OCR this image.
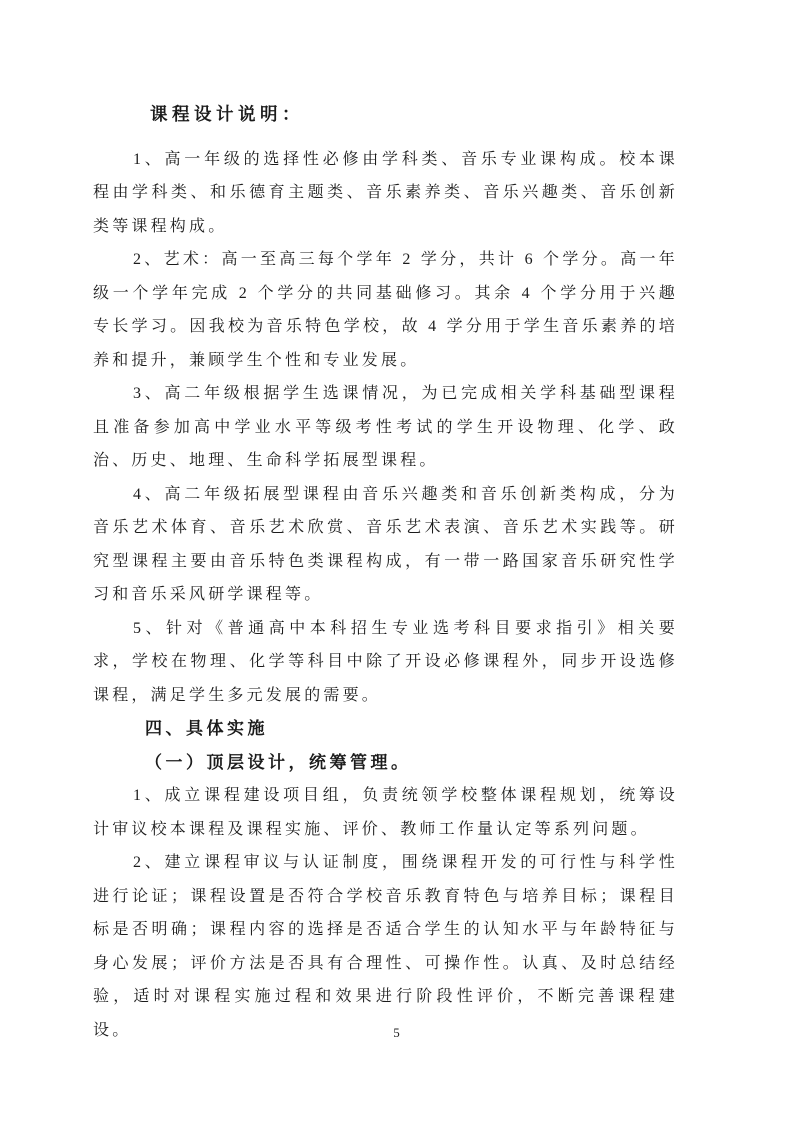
课程设计说明：

1、高一年级的选择性必修由学科类、音乐专业课构成。校本课程由学科类、和乐德育主题类、音乐素养类、音乐兴趣类、音乐创新类等课程构成。

2、艺术：高一至高三每个学年 2 学分，共计 6 个学分。高一年级一个学年完成 2 个学分的共同基础修习。其余 4 个学分用于兴趣专长学习。因我校为音乐特色学校，故 4 学分用于学生音乐素养的培养和提升，兼顾学生个性和专业发展。

3、高二年级根据学生选课情况，为已完成相关学科基础型课程且准备参加高中学业水平等级考性考试的学生开设物理、化学、政治、历史、地理、生命科学拓展型课程。

4、高二年级拓展型课程由音乐兴趣类和音乐创新类构成，分为音乐艺术体育、音乐艺术欣赏、音乐艺术表演、音乐艺术实践等。研究型课程主要由音乐特色类课程构成，有一带一路国家音乐研究性学习和音乐采风研学课程等。

5、针对《普通高中本科招生专业选考科目要求指引》相关要求，学校在物理、化学等科目中除了开设必修课程外，同步开设选修课程，满足学生多元发展的需要。

四、具体实施
（一）顶层设计，统筹管理。

1、成立课程建设项目组，负责统领学校整体课程规划，统筹设计审议校本课程及课程实施、评价、教师工作量认定等系列问题。

2、建立课程审议与认证制度，围绕课程开发的可行性与科学性进行论证；课程设置是否符合学校音乐教育特色与培养目标；课程目标是否明确；课程内容的选择是否适合学生的认知水平与年龄特征与身心发展；评价方法是否具有合理性、可操作性。认真、及时总结经验，适时对课程实施过程和效果进行阶段性评价，不断完善课程建设。	5
